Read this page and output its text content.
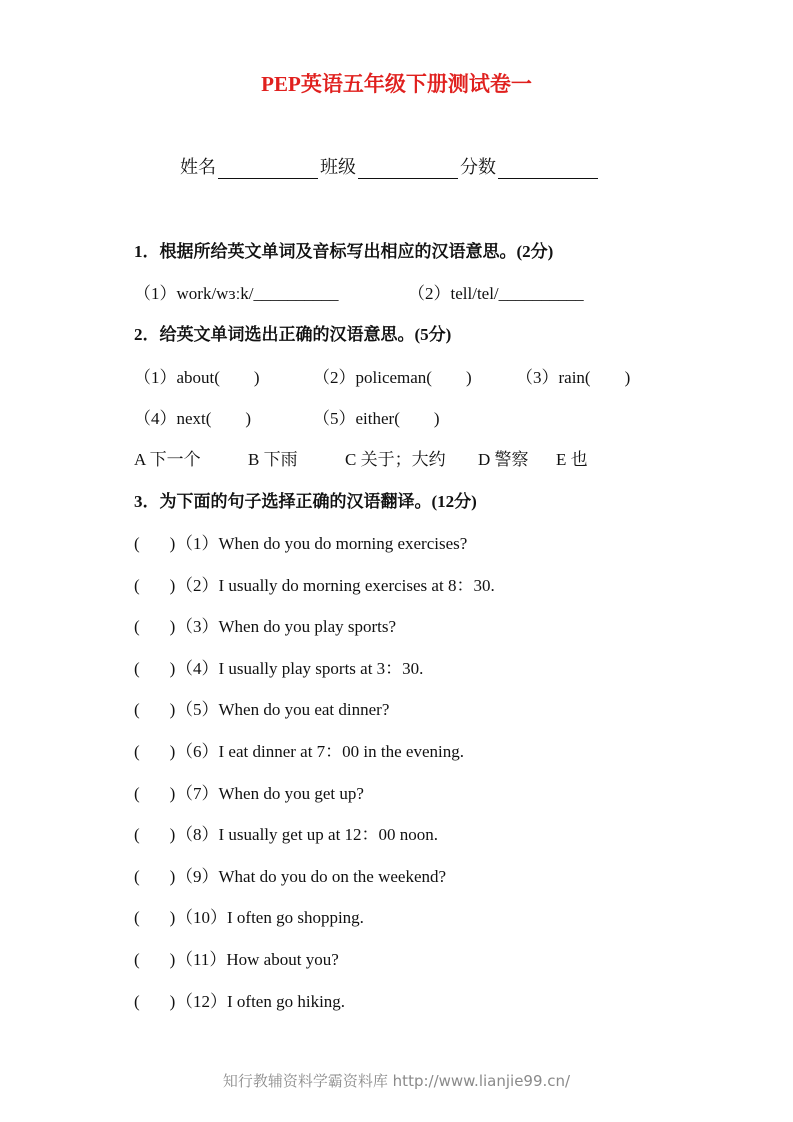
PEP英语五年级下册测试卷一
姓名	班级	分数
1．根据所给英文单词及音标写出相应的汉语意思。(2分)
（1）work/wɜːk/__________	（2）tell/tel/__________
2．给英文单词选出正确的汉语意思。(5分)
（1）about(　　)	（2）policeman(　　)	（3）rain(　　)
（4）next(　　)	（5）either(　　)
A 下一个	B 下雨	C 关于；大约 D 警察 E 也
3．为下面的句子选择正确的汉语翻译。(12分)
( )（1）When do you do morning exercises?
( )（2）I usually do morning exercises at 8：30.
( )（3）When do you play sports?
( )（4）I usually play sports at 3：30.
( )（5）When do you eat dinner?
( )（6）I eat dinner at 7：00 in the evening.
( )（7）When do you get up?
( )（8）I usually get up at 12：00 noon.
( )（9）What do you do on the weekend?
( )（10）I often go shopping.
( )（11）How about you?
( )（12）I often go hiking.
知行教辅资料学霸资料库 http://www.lianjie99.cn/
